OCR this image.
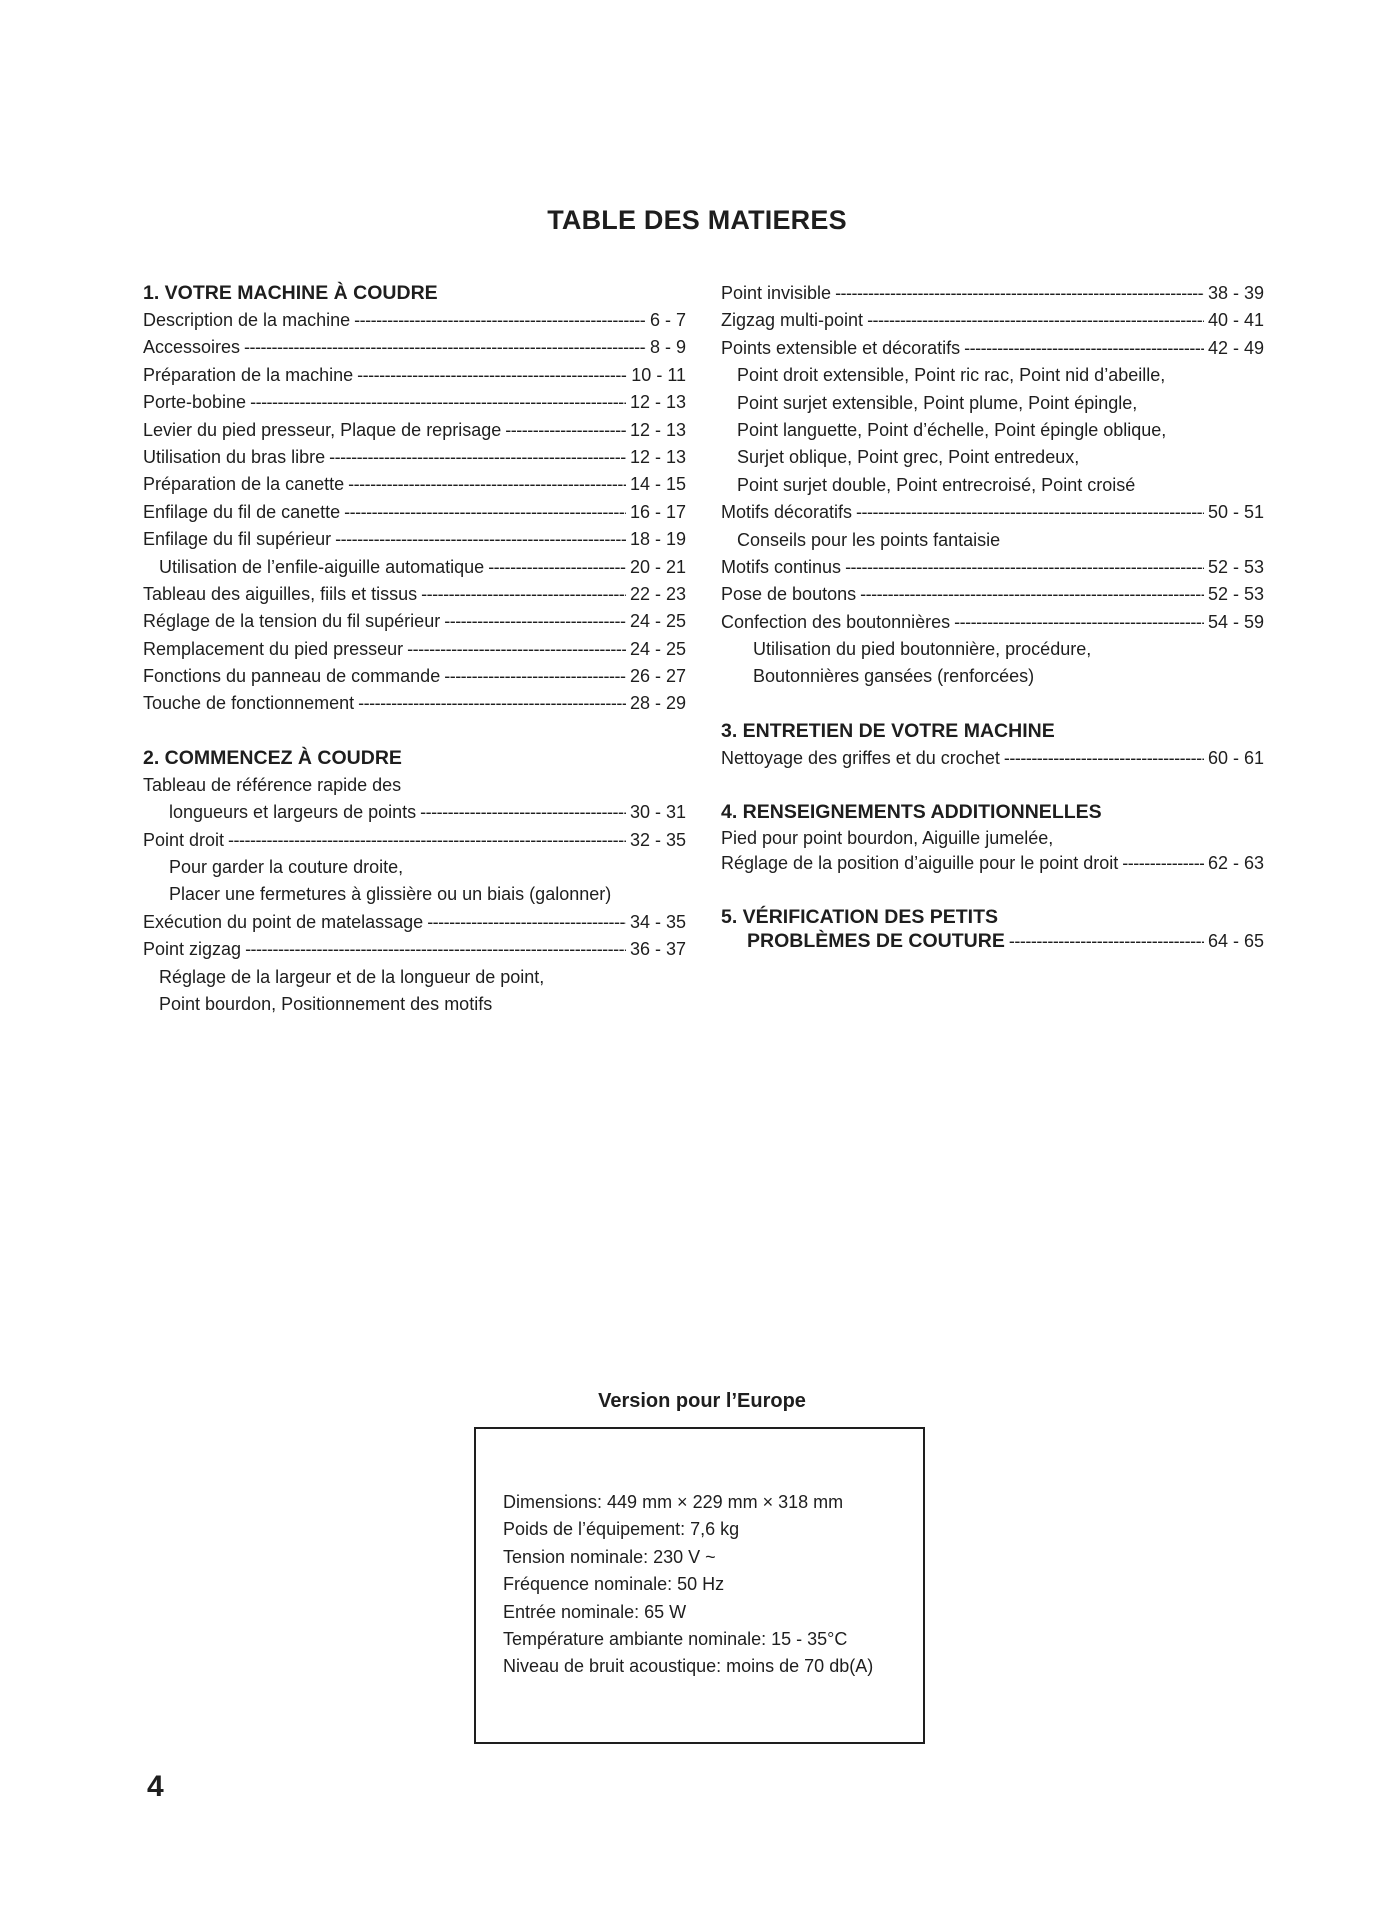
TABLE DES MATIERES
1. VOTRE MACHINE À COUDRE
Description de la machine -----	6 - 7
Accessoires -----	8 - 9
Préparation de la machine -----	10 - 11
Porte-bobine -----	12 - 13
Levier du pied presseur, Plaque de reprisage -----	12 - 13
Utilisation du bras libre -----	12 - 13
Préparation de la canette -----	14 - 15
Enfilage du fil de canette -----	16 - 17
Enfilage du fil supérieur -----	18 - 19
Utilisation de l’enfile-aiguille automatique -----	20 - 21
Tableau des aiguilles, fiils et tissus -----	22 - 23
Réglage de la tension du fil supérieur -----	24 - 25
Remplacement du pied presseur -----	24 - 25
Fonctions du panneau de commande -----	26 - 27
Touche de fonctionnement -----	28 - 29
2. COMMENCEZ À COUDRE
Tableau de référence rapide des
longueurs et largeurs de points -----	30 - 31
Point droit -----	32 - 35
Pour garder la couture droite,
Placer une fermetures à glissière ou un biais (galonner)
Exécution du point de matelassage -----	34 - 35
Point zigzag -----	36 - 37
Réglage de la largeur et de la longueur de point,
Point bourdon, Positionnement des motifs
Point invisible -----	38 - 39
Zigzag multi-point -----	40 - 41
Points extensible et décoratifs -----	42 - 49
Point droit extensible, Point ric rac, Point nid d’abeille,
Point surjet extensible, Point plume, Point épingle,
Point languette, Point d’échelle, Point épingle oblique,
Surjet oblique, Point grec, Point entredeux,
Point surjet double, Point entrecroisé, Point croisé
Motifs décoratifs -----	50 - 51
Conseils pour les points fantaisie
Motifs continus -----	52 - 53
Pose de boutons -----	52 - 53
Confection des boutonnières -----	54 - 59
Utilisation du pied boutonnière, procédure,
Boutonnières gansées (renforcées)
3. ENTRETIEN DE VOTRE MACHINE
Nettoyage des griffes et du crochet -----	60 - 61
4. RENSEIGNEMENTS ADDITIONNELLES
Pied pour point bourdon, Aiguille jumelée,
Réglage de la position d’aiguille pour le point droit -----	62 - 63
5. VÉRIFICATION DES PETITS
PROBLÈMES DE COUTURE -----	64 - 65
Version pour l’Europe
Dimensions: 449 mm × 229 mm × 318 mm
Poids de l’équipement: 7,6 kg
Tension nominale: 230 V ~
Fréquence nominale: 50 Hz
Entrée nominale: 65 W
Température ambiante nominale: 15 - 35°C
Niveau de bruit acoustique: moins de 70 db(A)
4
